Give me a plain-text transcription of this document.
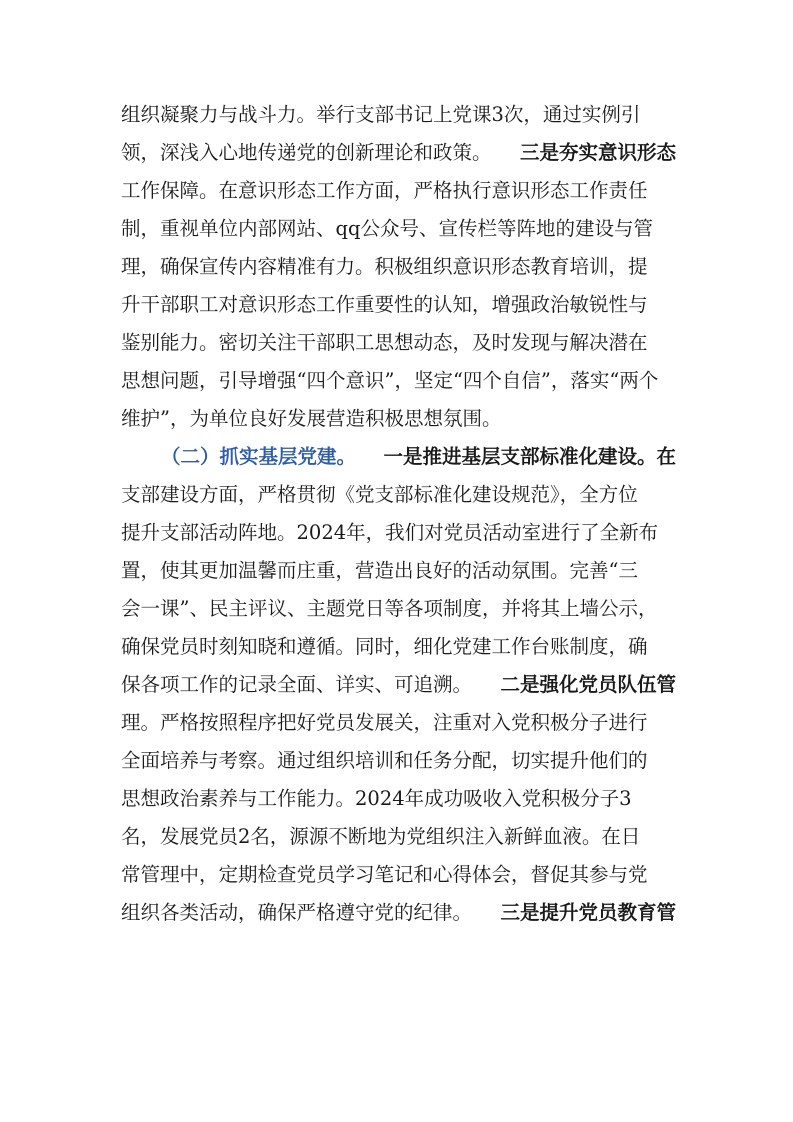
组织凝聚力与战斗力。举行支部书记上党课3次，通过实例引
领，深浅入心地传递党的创新理论和政策。 三是夯实意识形态
工作保障。在意识形态工作方面，严格执行意识形态工作责任
制，重视单位内部网站、qq公众号、宣传栏等阵地的建设与管
理，确保宣传内容精准有力。积极组织意识形态教育培训，提
升干部职工对意识形态工作重要性的认知，增强政治敏锐性与
鉴别能力。密切关注干部职工思想动态，及时发现与解决潜在
思想问题，引导增强“四个意识”，坚定“四个自信”，落实“两个
维护”，为单位良好发展营造积极思想氛围。
（二）抓实基层党建。 一是推进基层支部标准化建设。在
支部建设方面，严格贯彻《党支部标准化建设规范》，全方位
提升支部活动阵地。2024年，我们对党员活动室进行了全新布
置，使其更加温馨而庄重，营造出良好的活动氛围。完善“三
会一课”、民主评议、主题党日等各项制度，并将其上墙公示，
确保党员时刻知晓和遵循。同时，细化党建工作台账制度，确
保各项工作的记录全面、详实、可追溯。 二是强化党员队伍管
理。严格按照程序把好党员发展关，注重对入党积极分子进行
全面培养与考察。通过组织培训和任务分配，切实提升他们的
思想政治素养与工作能力。2024年成功吸收入党积极分子3
名，发展党员2名，源源不断地为党组织注入新鲜血液。在日
常管理中，定期检查党员学习笔记和心得体会，督促其参与党
组织各类活动，确保严格遵守党的纪律。 三是提升党员教育管
